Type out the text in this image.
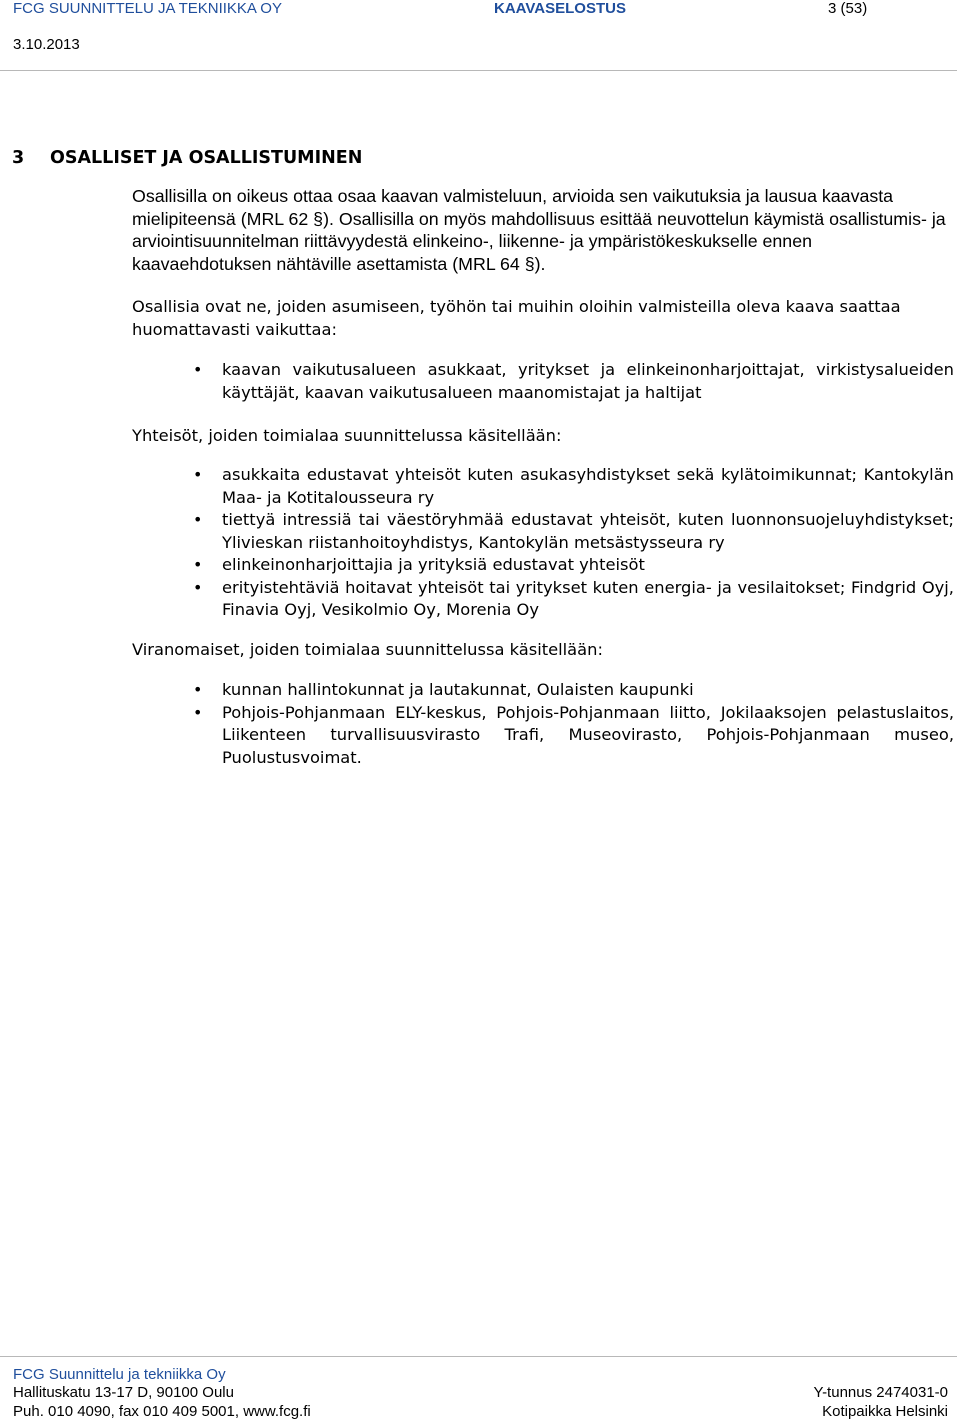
FCG SUUNNITTELU JA TEKNIIKKA OY	KAAVASELOSTUS	3 (53)
3.10.2013
3 OSALLISET JA OSALLISTUMINEN

Osallisilla on oikeus ottaa osaa kaavan valmisteluun, arvioida sen vaikutuksia ja lausua kaavasta mielipiteensä (MRL 62 §). Osallisilla on myös mahdollisuus esittää neuvottelun käymistä osallistumis- ja arviointisuunnitelman riittävyydestä elinkeino-, liikenne- ja ympäristökeskukselle ennen kaavaehdotuksen nähtäville asettamista (MRL 64 §).

Osallisia ovat ne, joiden asumiseen, työhön tai muihin oloihin valmisteilla oleva kaava saattaa huomattavasti vaikuttaa:

• kaavan vaikutusalueen asukkaat, yritykset ja elinkeinonharjoittajat, virkistysalueiden käyttäjät, kaavan vaikutusalueen maanomistajat ja haltijat

Yhteisöt, joiden toimialaa suunnittelussa käsitellään:

• asukkaita edustavat yhteisöt kuten asukasyhdistykset sekä kylätoimikunnat; Kantokylän Maa- ja Kotitalousseura ry
• tiettyä intressiä tai väestöryhmää edustavat yhteisöt, kuten luonnonsuojeluyhdistykset; Ylivieskan riistanhoitoyhdistys, Kantokylän metsästysseura ry
• elinkeinonharjoittajia ja yrityksiä edustavat yhteisöt
• erityistehtäviä hoitavat yhteisöt tai yritykset kuten energia- ja vesilaitokset; Findgrid Oyj, Finavia Oyj, Vesikolmio Oy, Morenia Oy

Viranomaiset, joiden toimialaa suunnittelussa käsitellään:

• kunnan hallintokunnat ja lautakunnat, Oulaisten kaupunki
• Pohjois-Pohjanmaan ELY-keskus, Pohjois-Pohjanmaan liitto, Jokilaaksojen pelastuslaitos, Liikenteen turvallisuusvirasto Trafi, Museovirasto, Pohjois-Pohjanmaan museo, Puolustusvoimat.
FCG Suunnittelu ja tekniikka Oy
Hallituskatu 13-17 D, 90100 Oulu
Puh. 010 4090, fax 010 409 5001, www.fcg.fi
Y-tunnus 2474031-0
Kotipaikka Helsinki
